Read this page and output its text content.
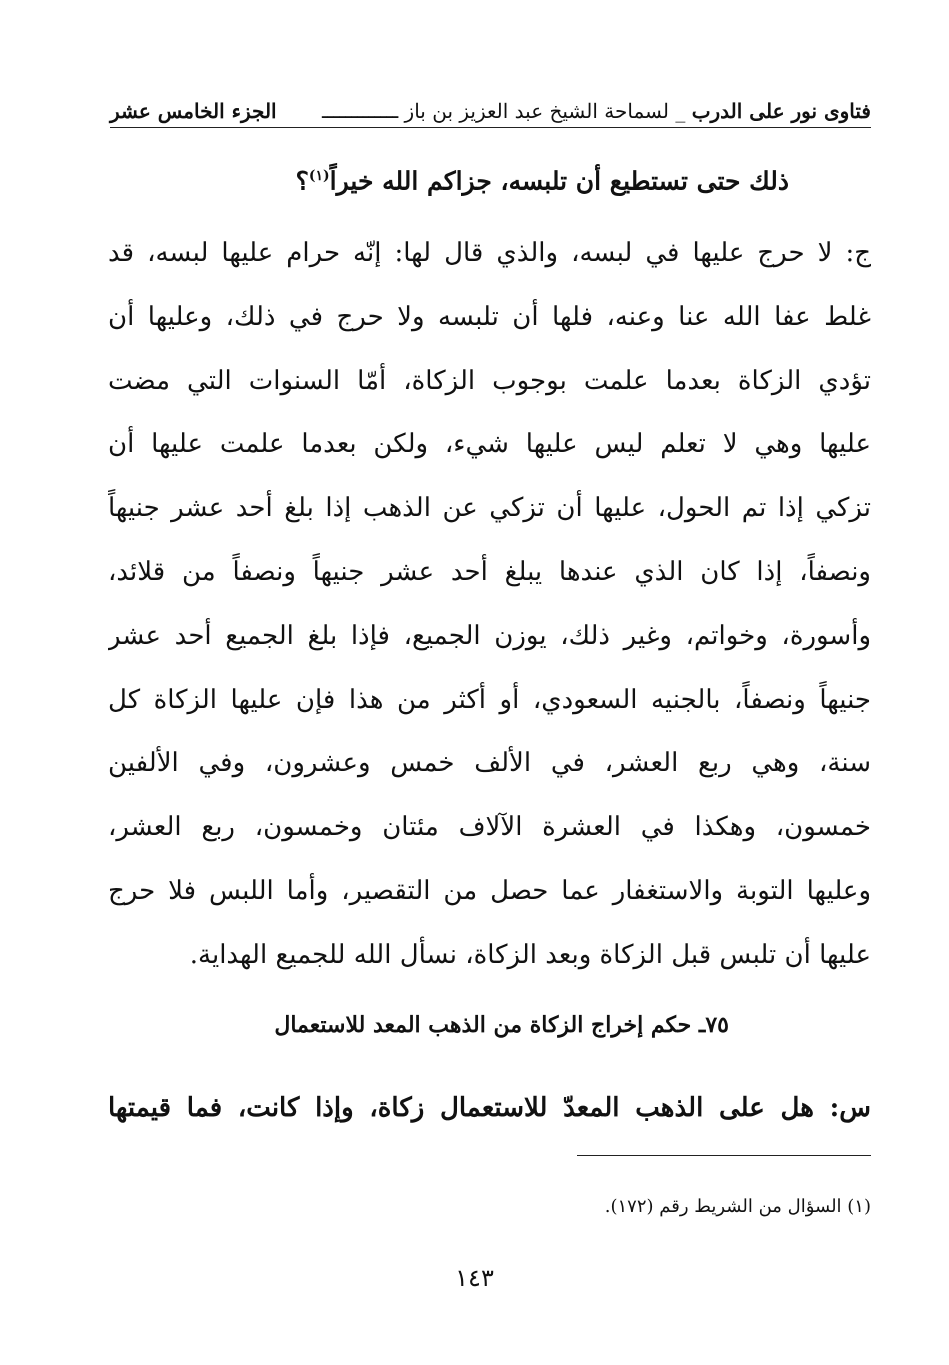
فتاوى نور على الدرب _ لسماحة الشيخ عبد العزيز بن باز ـــــــــــــ
الجزء الخامس عشر
ذلك حتى تستطيع أن تلبسه، جزاكم الله خيراً$^{(١)}$؟
ج: لا حرج عليها في لبسه، والذي قال لها: إنّه حرام عليها لبسه، قد
غلط عفا الله عنا وعنه، فلها أن تلبسه ولا حرج في ذلك، وعليها أن
تؤدي الزكاة بعدما علمت بوجوب الزكاة، أمّا السنوات التي مضت
عليها وهي لا تعلم ليس عليها شيء، ولكن بعدما علمت عليها أن
تزكي إذا تم الحول، عليها أن تزكي عن الذهب إذا بلغ أحد عشر جنيهاً
ونصفاً، إذا كان الذي عندها يبلغ أحد عشر جنيهاً ونصفاً من قلائد،
وأسورة، وخواتم، وغير ذلك، يوزن الجميع، فإذا بلغ الجميع أحد عشر
جنيهاً ونصفاً، بالجنيه السعودي، أو أكثر من هذا فإن عليها الزكاة كل
سنة، وهي ربع العشر، في الألف خمس وعشرون، وفي الألفين
خمسون، وهكذا في العشرة الآلاف مئتان وخمسون، ربع العشر،
وعليها التوبة والاستغفار عما حصل من التقصير، وأما اللبس فلا حرج
عليها أن تلبس قبل الزكاة وبعد الزكاة، نسأل الله للجميع الهداية.
٧٥ـ حكم إخراج الزكاة من الذهب المعد للاستعمال
س: هل على الذهب المعدّ للاستعمال زكاة، وإذا كانت، فما قيمتها
(١) السؤال من الشريط رقم (١٧٢).
١٤٣
